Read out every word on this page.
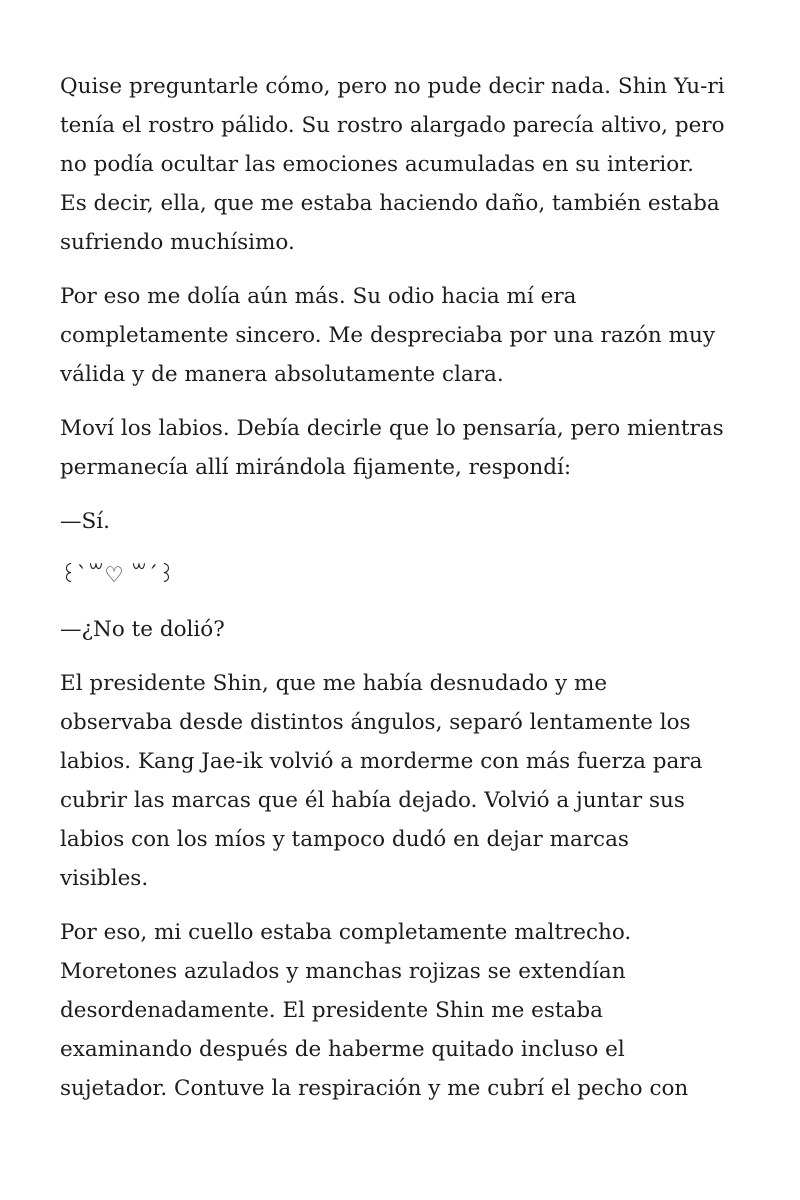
Quise preguntarle cómo, pero no pude decir nada. Shin Yu-ri
tenía el rostro pálido. Su rostro alargado parecía altivo, pero
no podía ocultar las emociones acumuladas en su interior.
Es decir, ella, que me estaba haciendo daño, también estaba
sufriendo muchísimo.

Por eso me dolía aún más. Su odio hacia mí era
completamente sincero. Me despreciaba por una razón muy
válida y de manera absolutamente clara.

Moví los labios. Debía decirle que lo pensaría, pero mientras
permanecía allí mirándola fijamente, respondí:

—Sí.

꒰`꒳♡ ꒳´꒱

—¿No te dolió?

El presidente Shin, que me había desnudado y me
observaba desde distintos ángulos, separó lentamente los
labios. Kang Jae-ik volvió a morderme con más fuerza para
cubrir las marcas que él había dejado. Volvió a juntar sus
labios con los míos y tampoco dudó en dejar marcas
visibles.

Por eso, mi cuello estaba completamente maltrecho.
Moretones azulados y manchas rojizas se extendían
desordenadamente. El presidente Shin me estaba
examinando después de haberme quitado incluso el
sujetador. Contuve la respiración y me cubrí el pecho con
